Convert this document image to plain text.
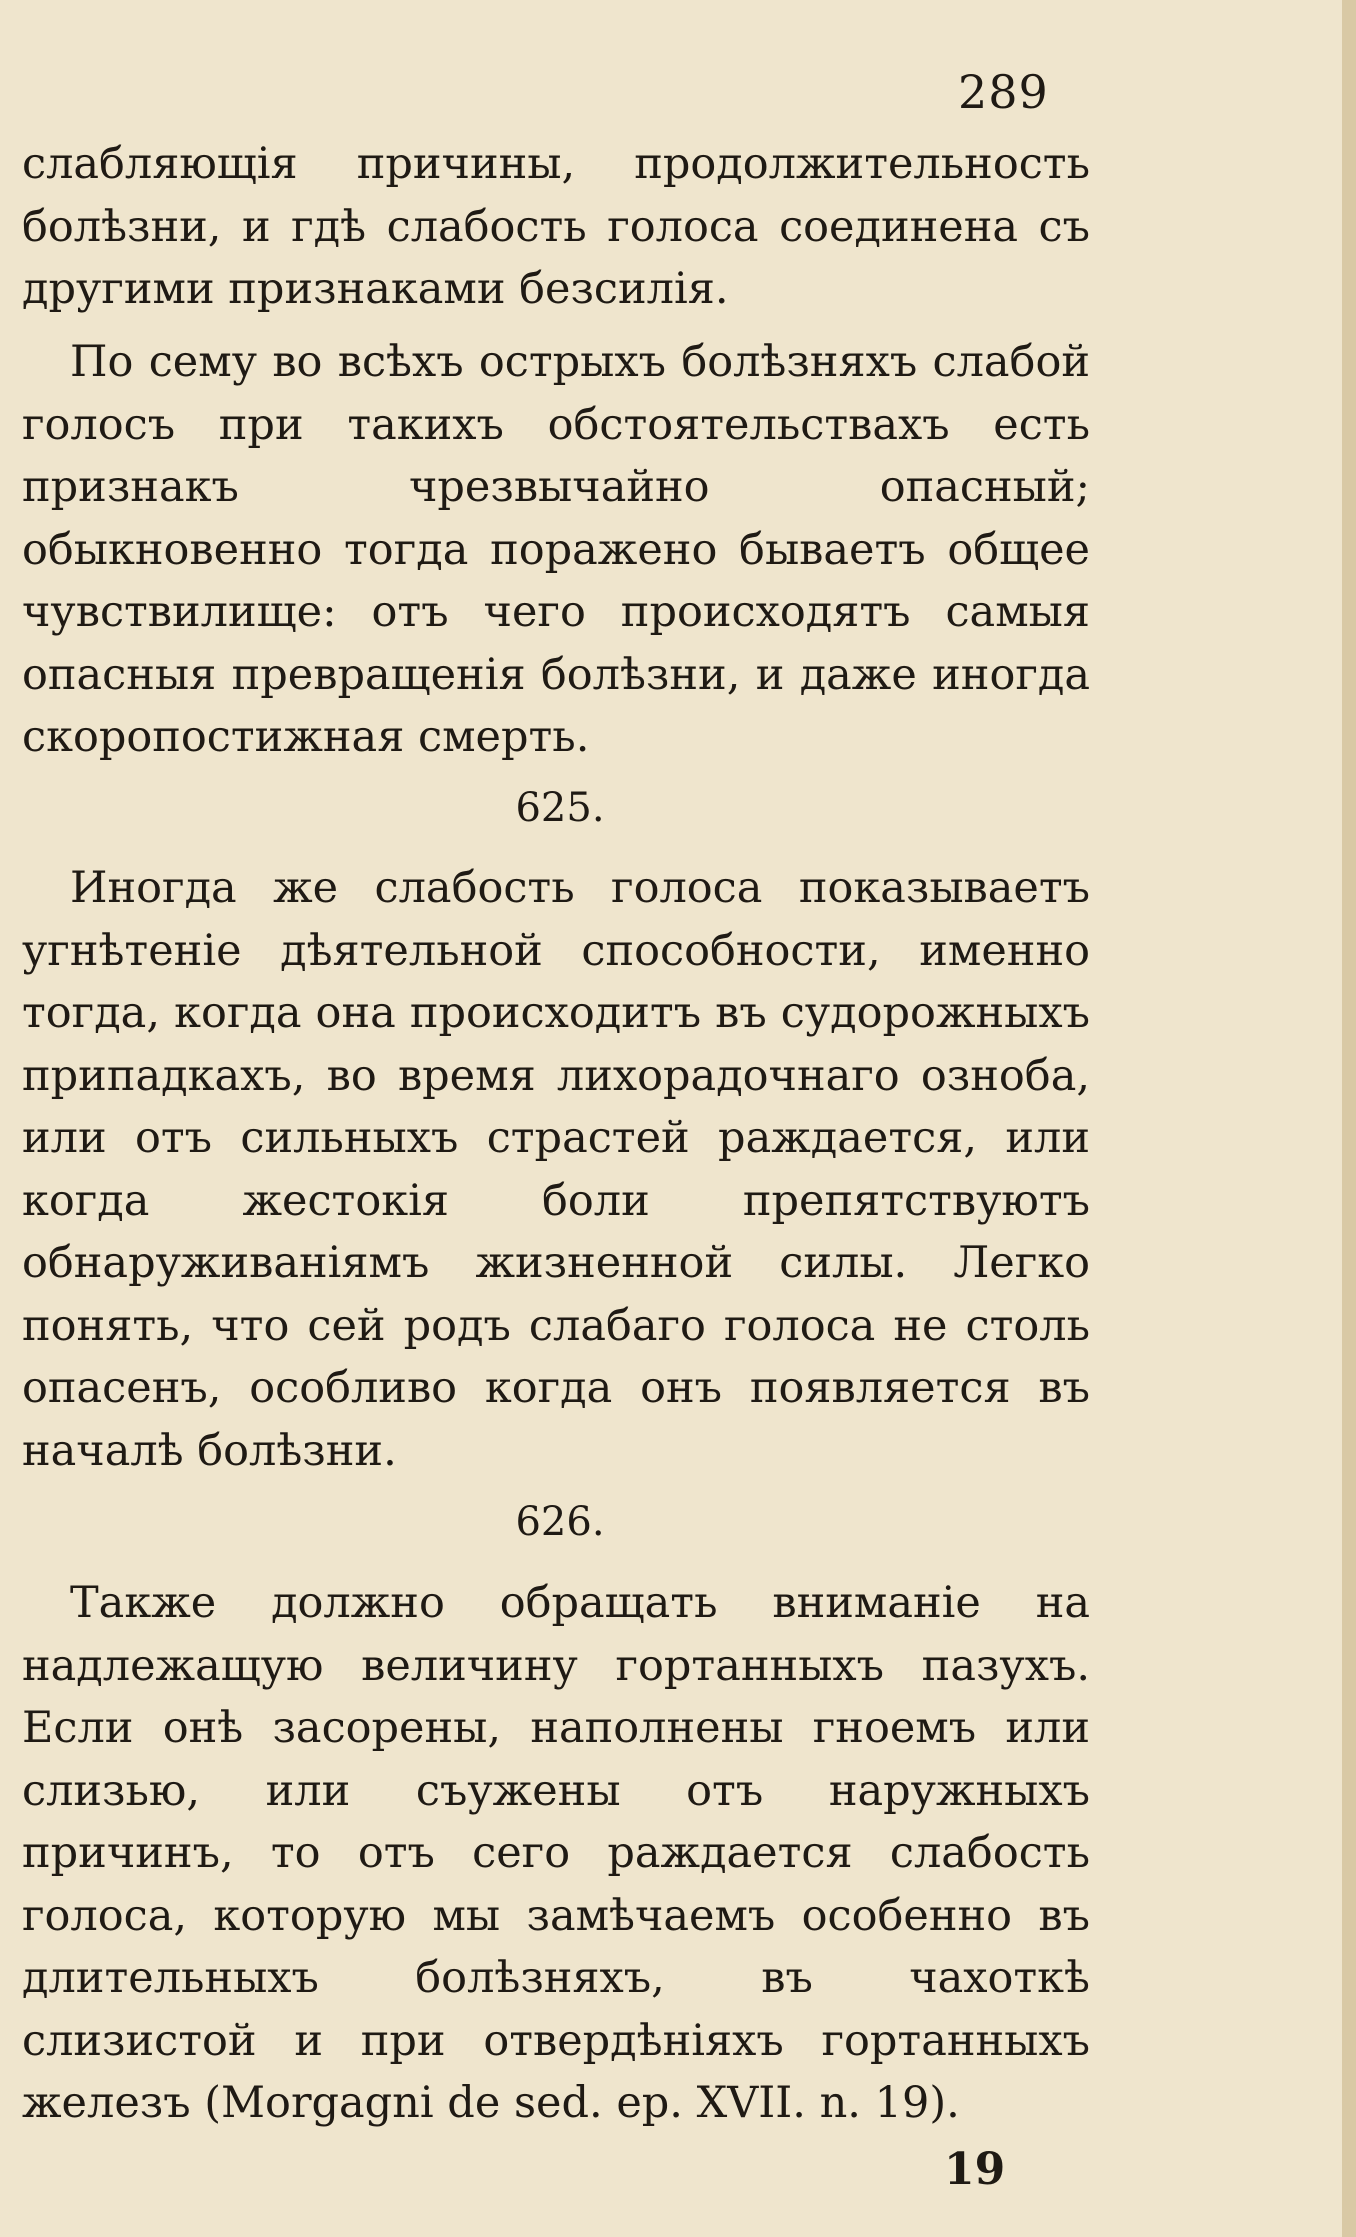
289

слабляющія причины, продолжительность болѣзни, и гдѣ слабость голоса соединена съ другими признаками безсилія.

По сему во всѣхъ острыхъ болѣзняхъ слабой голосъ при такихъ обстоятельствахъ есть признакъ чрезвычайно опасный; обыкновенно тогда поражено бываетъ общее чувствилище: отъ чего происходятъ самыя опасныя превращенія болѣзни, и даже иногда скоропостижная смерть.

625.

Иногда же слабость голоса показываетъ угнѣтеніе дѣятельной способности, именно тогда, когда она происходитъ въ судорожныхъ припадкахъ, во время лихорадочнаго озноба, или отъ сильныхъ страстей раждается, или когда жестокія боли препятствуютъ обнаруживаніямъ жизненной силы. Легко понять, что сей родъ слабаго голоса не столь опасенъ, особливо когда онъ появляется въ началѣ болѣзни.

626.

Также должно обращать вниманіе на надлежащую величину гортанныхъ пазухъ. Если онѣ засорены, наполнены гноемъ или слизью, или съужены отъ наружныхъ причинъ, то отъ сего раждается слабость голоса, которую мы замѣчаемъ особенно въ длительныхъ болѣзняхъ, въ чахоткѣ слизистой и при отвердѣніяхъ гортанныхъ железъ (Morgagni de sed. ep. XVII. n. 19).

19
